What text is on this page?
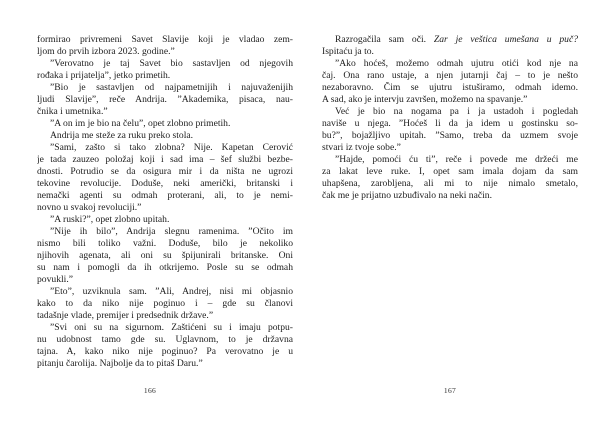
formirao privremeni Savet Slavije koji je vladao zem-
ljom do prvih izbora 2023. godine.”
”Verovatno je taj Savet bio sastavljen od njegovih
rođaka i prijatelja”, jetko primetih.
”Bio je sastavljen od najpametnijih i najuvaženijih
ljudi Slavije”, reče Andrija. ”Akademika, pisaca, nau-
čnika i umetnika.”
”A on im je bio na čelu”, opet zlobno primetih.
Andrija me steže za ruku preko stola.
”Sami, zašto si tako zlobna? Nije. Kapetan Cerović
je tada zauzeo položaj koji i sad ima – šef službi bezbe-
dnosti. Potrudio se da osigura mir i da ništa ne ugrozi
tekovine revolucije. Doduše, neki američki, britanski i
nemački agenti su odmah proterani, ali, to je nemi-
novno u svakoj revoluciji.”
”A ruski?”, opet zlobno upitah.
”Nije ih bilo”, Andrija slegnu ramenima. ”Očito im
nismo bili toliko važni. Doduše, bilo je nekoliko
njihovih agenata, ali oni su špijunirali britanske. Oni
su nam i pomogli da ih otkrijemo. Posle su se odmah
povukli.”
”Eto”, uzviknula sam. ”Ali, Andrej, nisi mi objasnio
kako to da niko nije poginuo i – gde su članovi
tadašnje vlade, premijer i predsednik države.”
”Svi oni su na sigurnom. Zaštićeni su i imaju potpu-
nu udobnost tamo gde su. Uglavnom, to je državna
tajna. A, kako niko nije poginuo? Pa verovatno je u
pitanju čarolija. Najbolje da to pitaš Daru.”
Razrogačila sam oči. Zar je veštica umešana u puč?
Ispitaću ja to.
”Ako hoćeš, možemo odmah ujutru otići kod nje na
čaj. Ona rano ustaje, a njen jutarnji čaj – to je nešto
nezaboravno. Čim se ujutru istuširamo, odmah idemo.
A sad, ako je intervju završen, možemo na spavanje.”
Već je bio na nogama pa i ja ustadoh i pogledah
naviše u njega. ”Hoćeš li da ja idem u gostinsku so-
bu?”, bojažljivo upitah. ”Samo, treba da uzmem svoje
stvari iz tvoje sobe.”
”Hajde, pomoći ću ti”, reče i povede me držeći me
za lakat leve ruke. I, opet sam imala dojam da sam
uhapšena, zarobljena, ali mi to nije nimalo smetalo,
čak me je prijatno uzbuđivalo na neki način.
166	167
